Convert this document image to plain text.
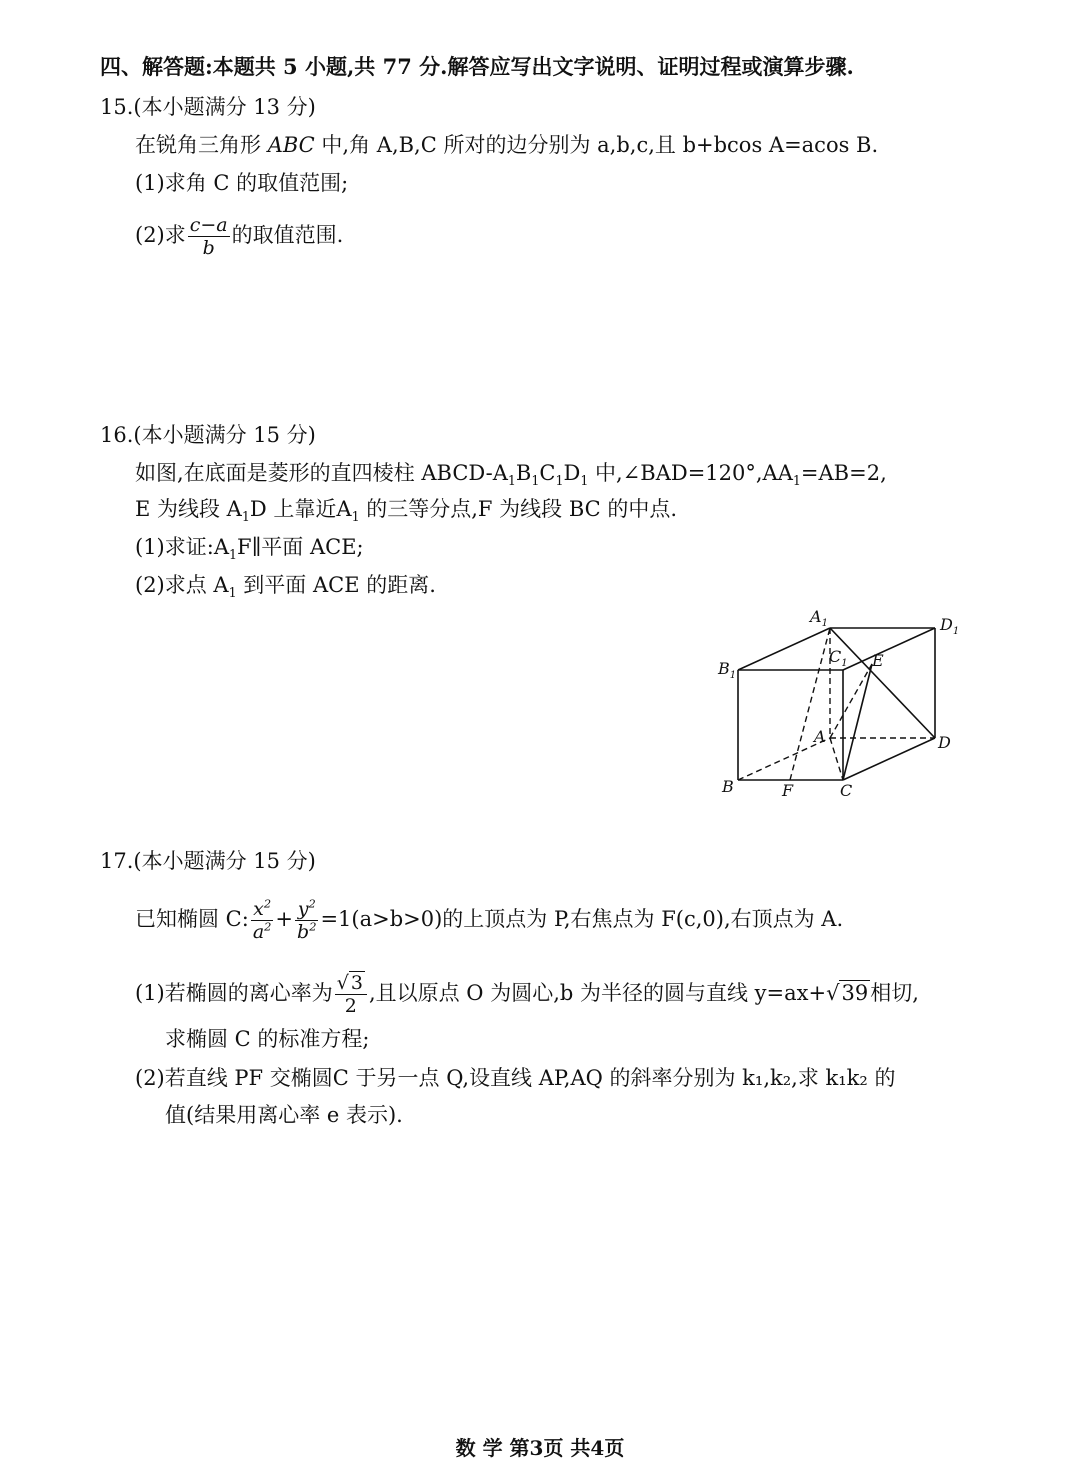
四、解答题:本题共 5 小题,共 77 分.解答应写出文字说明、证明过程或演算步骤.
15.(本小题满分 13 分)
在锐角三角形 ABC 中,角 A,B,C 所对的边分别为 a,b,c,且 b+bcos A=acos B.
(1)求角 C 的取值范围;
(2)求 $\frac{c-a}{b}$ 的取值范围.
16.(本小题满分 15 分)
如图,在底面是菱形的直四棱柱 ABCD-$A_1B_1C_1D_1$ 中$,\angle BAD=120^\circ,AA_1=AB=2$,
E 为线段 $A_1D$ 上靠近$A_1$ 的三等分点,F 为线段 BC 的中点.
(1)求证$:A_1F\parallel$平面 ACE;
(2)求点 $A_1$ 到平面 ACE 的距离.
$A_1$	$D_1$
$B_1$
$C_1$ E
A	D
B	F	C
17.(本小题满分 15 分)
已知椭圆 C: $\frac{x^2}{a^2} + \frac{y^2}{b^2} =1(a>b>0)$的上顶点为 P,右焦点为 F(c,0),右顶点为 A.
(1)若椭圆的离心率为 $\frac{√ 3}{2}$ ,且以原点 O 为圆心,b 为半径的圆与直线 y=ax+√39相切,
求椭圆 C 的标准方程;
(2)若直线 PF 交椭圆C 于另一点 Q,设直线 AP,AQ 的斜率分别为 k₁,k₂,求 k₁k₂ 的
值(结果用离心率 e 表示).
数 学 第3页 共4页
